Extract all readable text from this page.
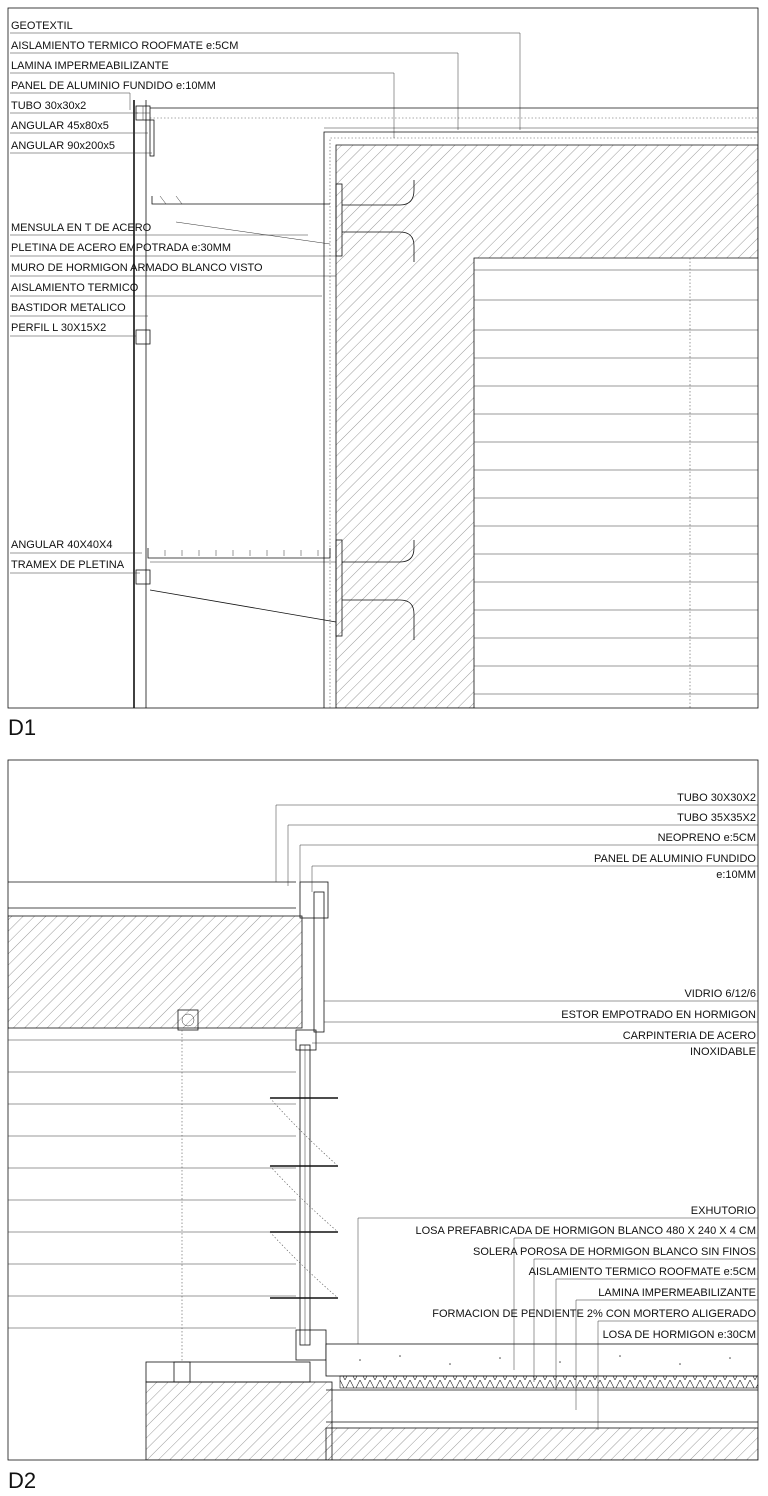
GEOTEXTIL
AISLAMIENTO TERMICO ROOFMATE e:5CM
LAMINA IMPERMEABILIZANTE
PANEL DE ALUMINIO FUNDIDO e:10MM
TUBO 30x30x2
ANGULAR 45x80x5
ANGULAR 90x200x5
MENSULA EN T DE ACERO
PLETINA DE ACERO EMPOTRADA e:30MM
MURO DE HORMIGON ARMADO BLANCO VISTO
AISLAMIENTO TERMICO
BASTIDOR METALICO
PERFIL L 30X15X2
ANGULAR 40X40X4
TRAMEX DE PLETINA
D1
TUBO 30X30X2
TUBO 35X35X2
NEOPRENO e:5CM
PANEL DE ALUMINIO FUNDIDO
e:10MM
VIDRIO 6/12/6
ESTOR EMPOTRADO EN HORMIGON
CARPINTERIA DE ACERO
INOXIDABLE
EXHUTORIO
LOSA PREFABRICADA DE HORMIGON BLANCO 480 X 240 X 4 CM
SOLERA POROSA DE HORMIGON BLANCO SIN FINOS
AISLAMIENTO TERMICO ROOFMATE e:5CM
LAMINA IMPERMEABILIZANTE
FORMACION DE PENDIENTE 2% CON MORTERO ALIGERADO
LOSA DE HORMIGON e:30CM
D2
